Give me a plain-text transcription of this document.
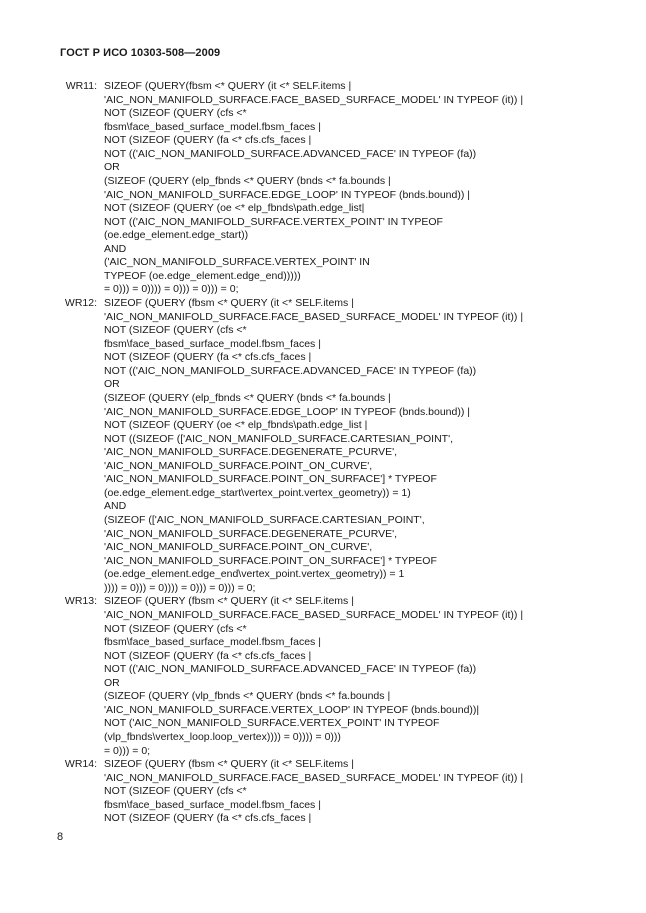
ГОСТ Р ИСО 10303-508—2009
WR11: SIZEOF (QUERY(fbsm <* QUERY (it <* SELF.items |
'AIC_NON_MANIFOLD_SURFACE.FACE_BASED_SURFACE_MODEL' IN TYPEOF (it)) |
NOT (SIZEOF (QUERY (cfs <*
fbsm\face_based_surface_model.fbsm_faces |
NOT (SIZEOF (QUERY (fa <* cfs.cfs_faces |
NOT (('AIC_NON_MANIFOLD_SURFACE.ADVANCED_FACE' IN TYPEOF (fa))
OR
(SIZEOF (QUERY (elp_fbnds <* QUERY (bnds <* fa.bounds |
'AIC_NON_MANIFOLD_SURFACE.EDGE_LOOP' IN TYPEOF (bnds.bound)) |
NOT (SIZEOF (QUERY (oe <* elp_fbnds\path.edge_list|
NOT (('AIC_NON_MANIFOLD_SURFACE.VERTEX_POINT' IN TYPEOF
(oe.edge_element.edge_start))
AND
('AIC_NON_MANIFOLD_SURFACE.VERTEX_POINT' IN
TYPEOF (oe.edge_element.edge_end)))))
= 0))) = 0)))) = 0))) = 0))) = 0;
WR12: SIZEOF (QUERY (fbsm <* QUERY (it <* SELF.items |
'AIC_NON_MANIFOLD_SURFACE.FACE_BASED_SURFACE_MODEL' IN TYPEOF (it)) |
NOT (SIZEOF (QUERY (cfs <*
fbsm\face_based_surface_model.fbsm_faces |
NOT (SIZEOF (QUERY (fa <* cfs.cfs_faces |
NOT (('AIC_NON_MANIFOLD_SURFACE.ADVANCED_FACE' IN TYPEOF (fa))
OR
(SIZEOF (QUERY (elp_fbnds <* QUERY (bnds <* fa.bounds |
'AIC_NON_MANIFOLD_SURFACE.EDGE_LOOP' IN TYPEOF (bnds.bound)) |
NOT (SIZEOF (QUERY (oe <* elp_fbnds\path.edge_list |
NOT ((SIZEOF (['AIC_NON_MANIFOLD_SURFACE.CARTESIAN_POINT',
'AIC_NON_MANIFOLD_SURFACE.DEGENERATE_PCURVE',
'AIC_NON_MANIFOLD_SURFACE.POINT_ON_CURVE',
'AIC_NON_MANIFOLD_SURFACE.POINT_ON_SURFACE'] * TYPEOF
(oe.edge_element.edge_start\vertex_point.vertex_geometry)) = 1)
AND
(SIZEOF (['AIC_NON_MANIFOLD_SURFACE.CARTESIAN_POINT',
'AIC_NON_MANIFOLD_SURFACE.DEGENERATE_PCURVE',
'AIC_NON_MANIFOLD_SURFACE.POINT_ON_CURVE',
'AIC_NON_MANIFOLD_SURFACE.POINT_ON_SURFACE'] * TYPEOF
(oe.edge_element.edge_end\vertex_point.vertex_geometry)) = 1
)))) = 0))) = 0)))) = 0))) = 0))) = 0;
WR13: SIZEOF (QUERY (fbsm <* QUERY (it <* SELF.items |
'AIC_NON_MANIFOLD_SURFACE.FACE_BASED_SURFACE_MODEL' IN TYPEOF (it)) |
NOT (SIZEOF (QUERY (cfs <*
fbsm\face_based_surface_model.fbsm_faces |
NOT (SIZEOF (QUERY (fa <* cfs.cfs_faces |
NOT (('AIC_NON_MANIFOLD_SURFACE.ADVANCED_FACE' IN TYPEOF (fa))
OR
(SIZEOF (QUERY (vlp_fbnds <* QUERY (bnds <* fa.bounds |
'AIC_NON_MANIFOLD_SURFACE.VERTEX_LOOP' IN TYPEOF (bnds.bound))|
NOT ('AIC_NON_MANIFOLD_SURFACE.VERTEX_POINT' IN TYPEOF
(vlp_fbnds\vertex_loop.loop_vertex)))) = 0)))) = 0)))
= 0))) = 0;
WR14: SIZEOF (QUERY (fbsm <* QUERY (it <* SELF.items |
'AIC_NON_MANIFOLD_SURFACE.FACE_BASED_SURFACE_MODEL' IN TYPEOF (it)) |
NOT (SIZEOF (QUERY (cfs <*
fbsm\face_based_surface_model.fbsm_faces |
NOT (SIZEOF (QUERY (fa <* cfs.cfs_faces |
8
